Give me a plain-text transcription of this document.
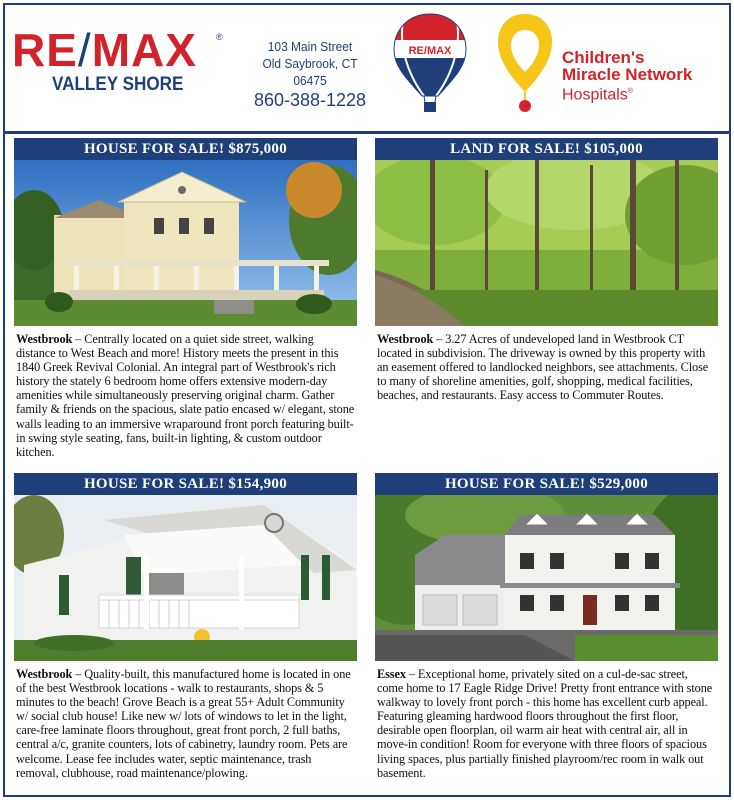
RE/MAX	®
VALLEY SHORE
103 Main Street
Old Saybrook, CT 06475
860-388-1228
RE/MAX	Children's
Miracle Network
Hospitals®
HOUSE FOR SALE! $875,000
Westbrook – Centrally located on a quiet side street, walking distance to West Beach and more! History meets the present in this 1840 Greek Revival Colonial. An integral part of Westbrook's rich history the stately 6 bedroom home offers extensive modern-day amenities while simultaneously preserving original charm. Gather family & friends on the spacious, slate patio encased w/ elegant, stone walls leading to an immersive wraparound front porch featuring built-in swing style seating, fans, built-in lighting, & custom outdoor kitchen.
LAND FOR SALE! $105,000
Westbrook – 3.27 Acres of undeveloped land in Westbrook CT located in subdivision. The driveway is owned by this property with an easement offered to landlocked neighbors, see attachments. Close to many of shoreline amenities, golf, shopping, medical facilities, beaches, and restaurants. Easy access to Commuter Routes.
HOUSE FOR SALE! $154,900
Westbrook – Quality-built, this manufactured home is located in one of the best Westbrook locations - walk to restaurants, shops & 5 minutes to the beach! Grove Beach is a great 55+ Adult Community w/ social club house! Like new w/ lots of windows to let in the light, care-free laminate floors throughout, great front porch, 2 full baths, central a/c, granite counters, lots of cabinetry, laundry room. Pets are welcome. Lease fee includes water, septic maintenance, trash removal, clubhouse, road maintenance/plowing.
HOUSE FOR SALE! $529,000
Essex – Exceptional home, privately sited on a cul-de-sac street, come home to 17 Eagle Ridge Drive! Pretty front entrance with stone walkway to lovely front porch - this home has excellent curb appeal. Featuring gleaming hardwood floors throughout the first floor, desirable open floorplan, oil warm air heat with central air, all in move-in condition! Room for everyone with three floors of spacious living spaces, plus partially finished playroom/rec room in walk out basement.
